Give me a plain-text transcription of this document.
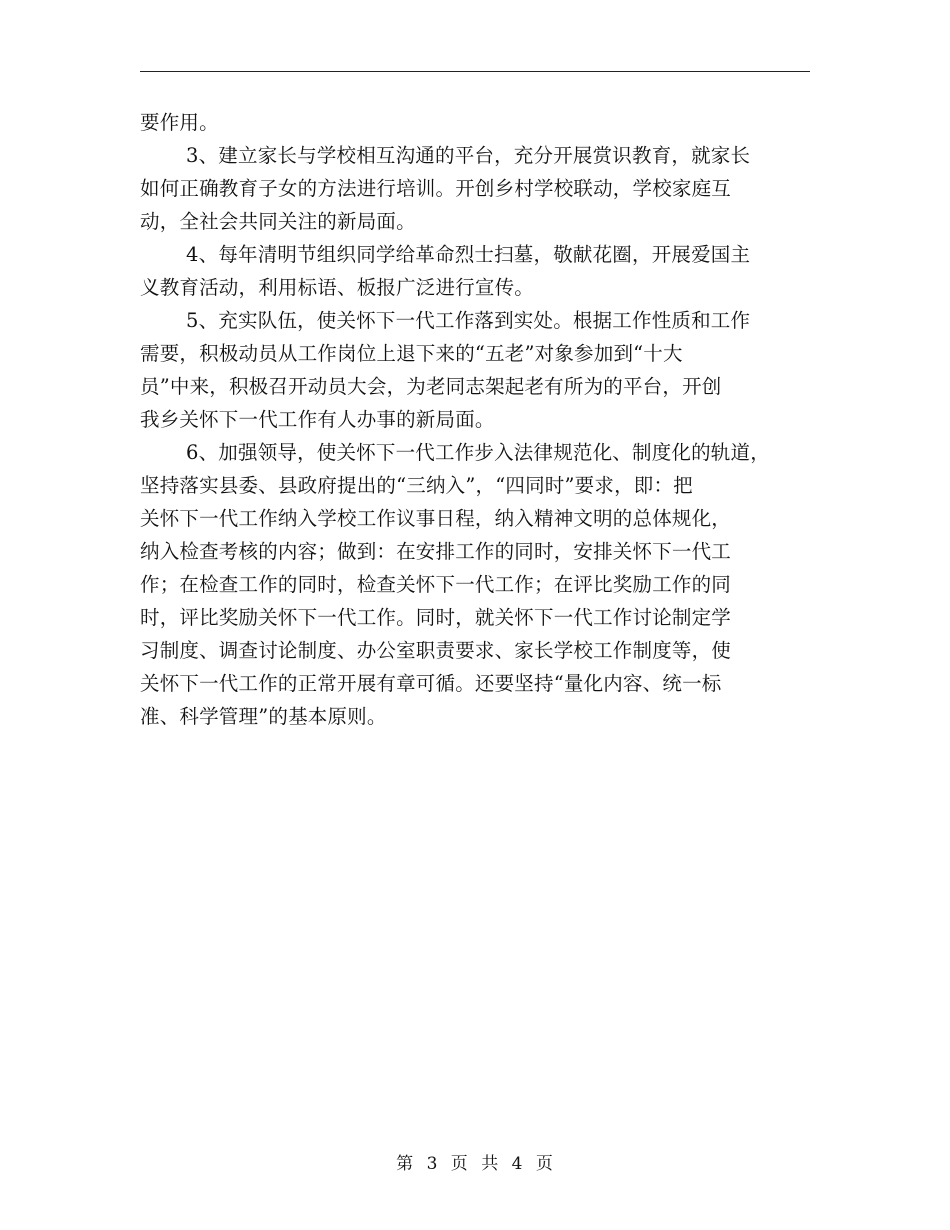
要作用。
3、建立家长与学校相互沟通的平台，充分开展赏识教育，就家长
如何正确教育子女的方法进行培训。开创乡村学校联动，学校家庭互
动，全社会共同关注的新局面。
4、每年清明节组织同学给革命烈士扫墓，敬献花圈，开展爱国主
义教育活动，利用标语、板报广泛进行宣传。
5、充实队伍，使关怀下一代工作落到实处。根据工作性质和工作
需要，积极动员从工作岗位上退下来的“五老”对象参加到“十大
员”中来，积极召开动员大会，为老同志架起老有所为的平台，开创
我乡关怀下一代工作有人办事的新局面。
6、加强领导，使关怀下一代工作步入法律规范化、制度化的轨道，
坚持落实县委、县政府提出的“三纳入”，“四同时”要求，即：把
关怀下一代工作纳入学校工作议事日程，纳入精神文明的总体规化，
纳入检查考核的内容；做到：在安排工作的同时，安排关怀下一代工
作；在检查工作的同时，检查关怀下一代工作；在评比奖励工作的同
时，评比奖励关怀下一代工作。同时，就关怀下一代工作讨论制定学
习制度、调查讨论制度、办公室职责要求、家长学校工作制度等，使
关怀下一代工作的正常开展有章可循。还要坚持“量化内容、统一标
准、科学管理”的基本原则。
第 3 页 共 4 页
